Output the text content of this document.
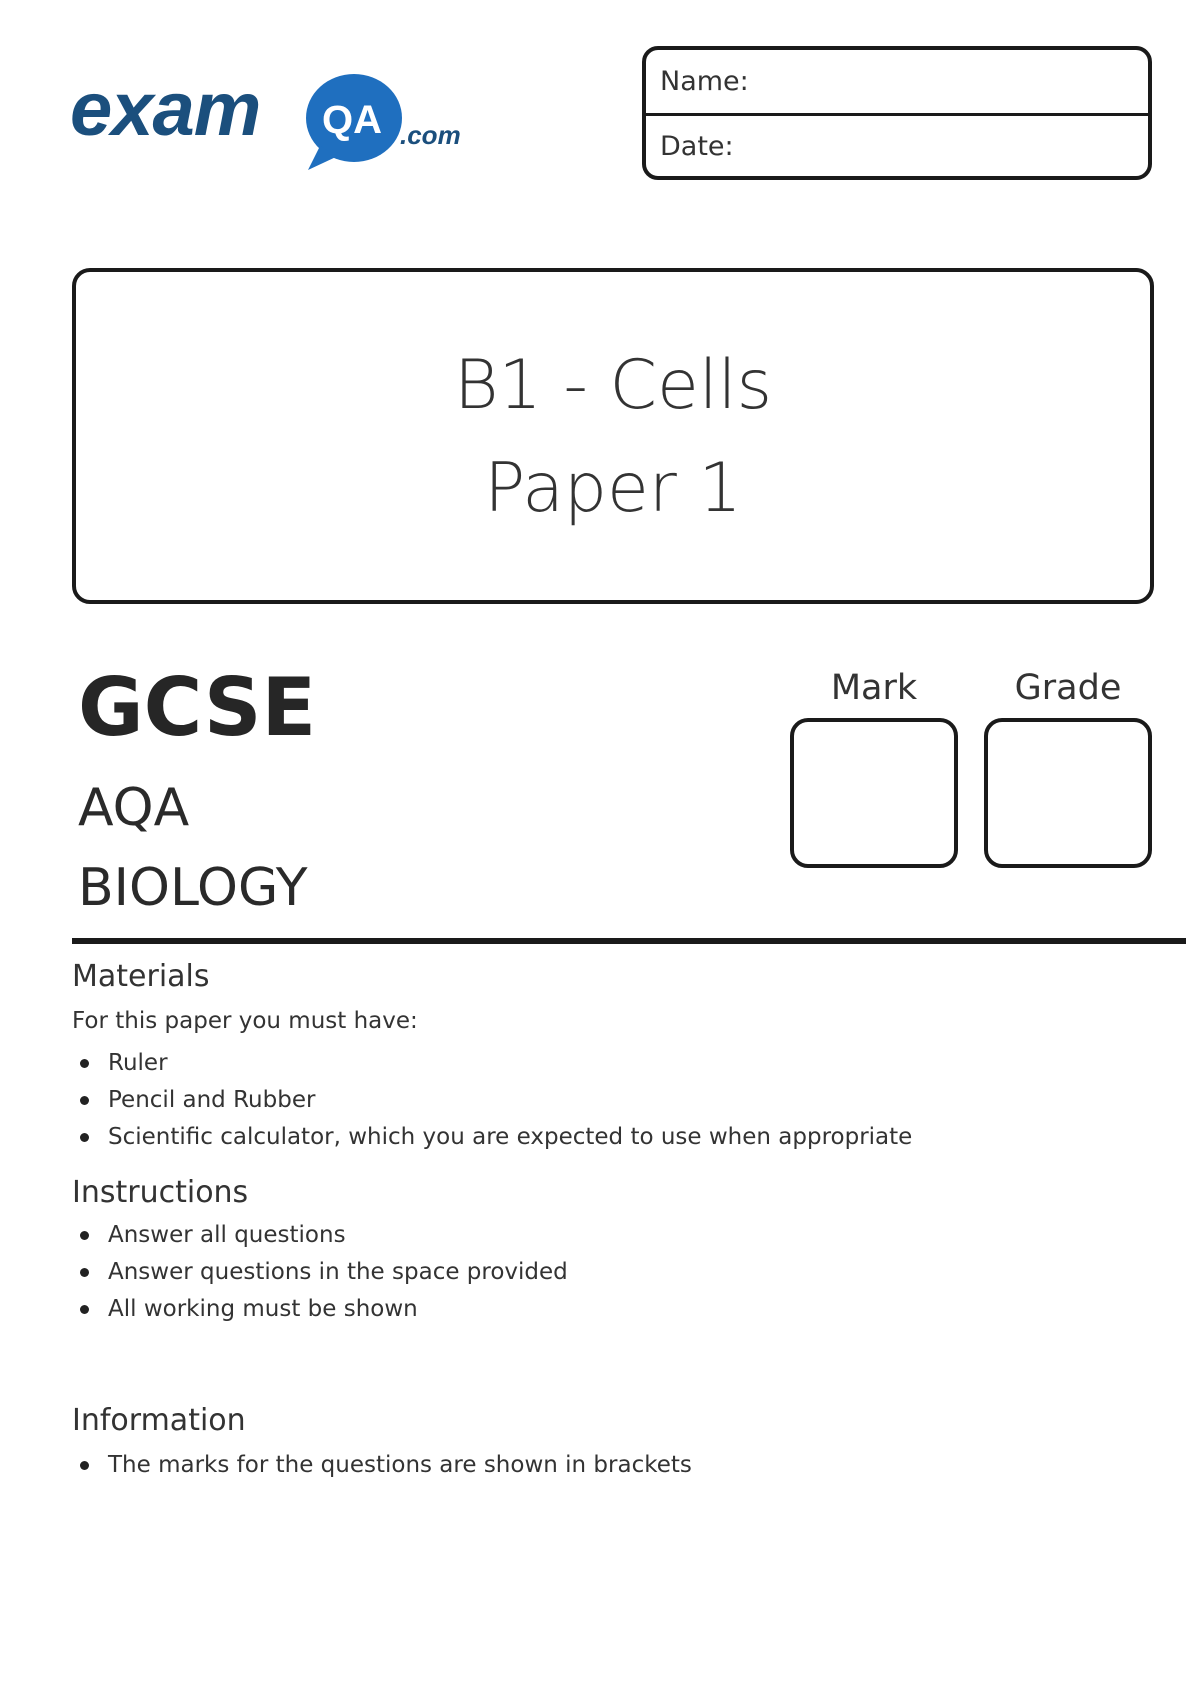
exam	QA .com
Name:
Date:
B1 - Cells
Paper 1
GCSE
AQA
BIOLOGY
Mark	Grade
Materials
For this paper you must have:
Ruler
Pencil and Rubber
Scientific calculator, which you are expected to use when appropriate
Instructions
Answer all questions
Answer questions in the space provided
All working must be shown
Information
The marks for the questions are shown in brackets
